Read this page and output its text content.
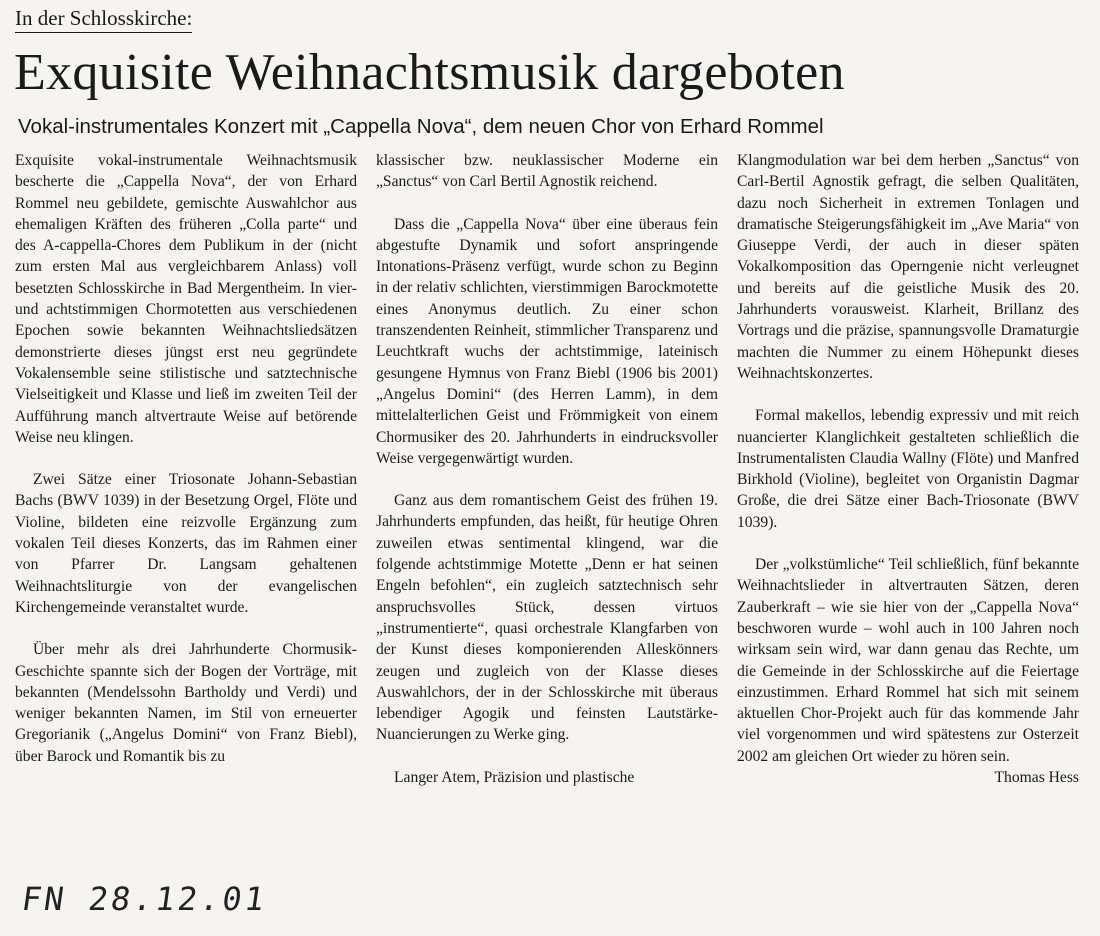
In der Schlosskirche:
Exquisite Weihnachtsmusik dargeboten
Vokal-instrumentales Konzert mit „Cappella Nova“, dem neuen Chor von Erhard Rommel

Exquisite vokal-instrumentale Weihnachtsmusik bescherte die „Cappella Nova“, der von Erhard Rommel neu gebildete, gemischte Auswahlchor aus ehemaligen Kräften des früheren „Colla parte“ und des A-cappella-Chores dem Publikum in der (nicht zum ersten Mal aus vergleichbarem Anlass) voll besetzten Schlosskirche in Bad Mergentheim. In vier- und achtstimmigen Chormotetten aus verschiedenen Epochen sowie bekannten Weihnachtsliedsätzen demonstrierte dieses jüngst erst neu gegründete Vokalensemble seine stilistische und satztechnische Vielseitigkeit und Klasse und ließ im zweiten Teil der Aufführung manch altvertraute Weise auf betörende Weise neu klingen.

Zwei Sätze einer Triosonate Johann-Sebastian Bachs (BWV 1039) in der Besetzung Orgel, Flöte und Violine, bildeten eine reizvolle Ergänzung zum vokalen Teil dieses Konzerts, das im Rahmen einer von Pfarrer Dr. Langsam gehaltenen Weihnachtsliturgie von der evangelischen Kirchengemeinde veranstaltet wurde.

Über mehr als drei Jahrhunderte Chormusik-Geschichte spannte sich der Bogen der Vorträge, mit bekannten (Mendelssohn Bartholdy und Verdi) und weniger bekannten Namen, im Stil von erneuerter Gregorianik („Angelus Domini“ von Franz Biebl), über Barock und Romantik bis zu

klassischer bzw. neuklassischer Moderne ein „Sanctus“ von Carl Bertil Agnostik reichend.

Dass die „Cappella Nova“ über eine überaus fein abgestufte Dynamik und sofort anspringende Intonations-Präsenz verfügt, wurde schon zu Beginn in der relativ schlichten, vierstimmigen Barockmotette eines Anonymus deutlich. Zu einer schon transzendenten Reinheit, stimmlicher Transparenz und Leuchtkraft wuchs der achtstimmige, lateinisch gesungene Hymnus von Franz Biebl (1906 bis 2001) „Angelus Domini“ (des Herren Lamm), in dem mittelalterlichen Geist und Frömmigkeit von einem Chormusiker des 20. Jahrhunderts in eindrucksvoller Weise vergegenwärtigt wurden.

Ganz aus dem romantischem Geist des frühen 19. Jahrhunderts empfunden, das heißt, für heutige Ohren zuweilen etwas sentimental klingend, war die folgende achtstimmige Motette „Denn er hat seinen Engeln befohlen“, ein zugleich satztechnisch sehr anspruchsvolles Stück, dessen virtuos „instrumentierte“, quasi orchestrale Klangfarben von der Kunst dieses komponierenden Alleskönners zeugen und zugleich von der Klasse dieses Auswahlchors, der in der Schlosskirche mit überaus lebendiger Agogik und feinsten Lautstärke-Nuancierungen zu Werke ging.

Langer Atem, Präzision und plastische

Klangmodulation war bei dem herben „Sanctus“ von Carl-Bertil Agnostik gefragt, die selben Qualitäten, dazu noch Sicherheit in extremen Tonlagen und dramatische Steigerungsfähigkeit im „Ave Maria“ von Giuseppe Verdi, der auch in dieser späten Vokalkomposition das Operngenie nicht verleugnet und bereits auf die geistliche Musik des 20. Jahrhunderts vorausweist. Klarheit, Brillanz des Vortrags und die präzise, spannungsvolle Dramaturgie machten die Nummer zu einem Höhepunkt dieses Weihnachtskonzertes.

Formal makellos, lebendig expressiv und mit reich nuancierter Klanglichkeit gestalteten schließlich die Instrumentalisten Claudia Wallny (Flöte) und Manfred Birkhold (Violine), begleitet von Organistin Dagmar Große, die drei Sätze einer Bach-Triosonate (BWV 1039).

Der „volkstümliche“ Teil schließlich, fünf bekannte Weihnachtslieder in altvertrauten Sätzen, deren Zauberkraft – wie sie hier von der „Cappella Nova“ beschworen wurde – wohl auch in 100 Jahren noch wirksam sein wird, war dann genau das Rechte, um die Gemeinde in der Schlosskirche auf die Feiertage einzustimmen. Erhard Rommel hat sich mit seinem aktuellen Chor-Projekt auch für das kommende Jahr viel vorgenommen und wird spätestens zur Osterzeit 2002 am gleichen Ort wieder zu hören sein.
Thomas Hess

FN 28.12.01
